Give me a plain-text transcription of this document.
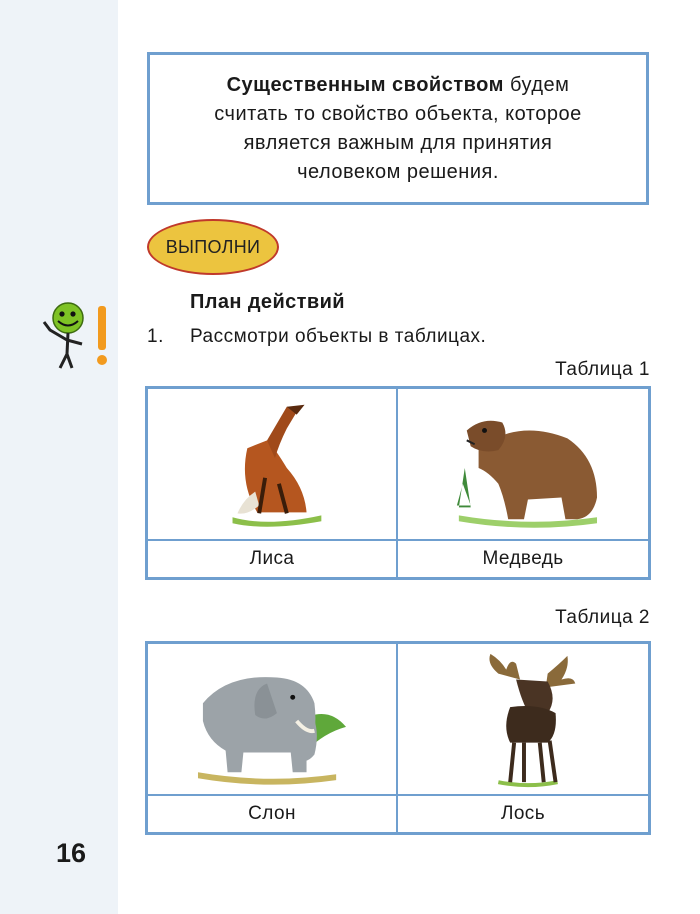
Существенным свойством будем
считать то свойство объекта, которое
является важным для принятия
человеком решения.

ВЫПОЛНИ
План действий
1. Рассмотри объекты в таблицах.
Таблица 1
Лиса	Медведь
Таблица 2
Слон	Лось
16
